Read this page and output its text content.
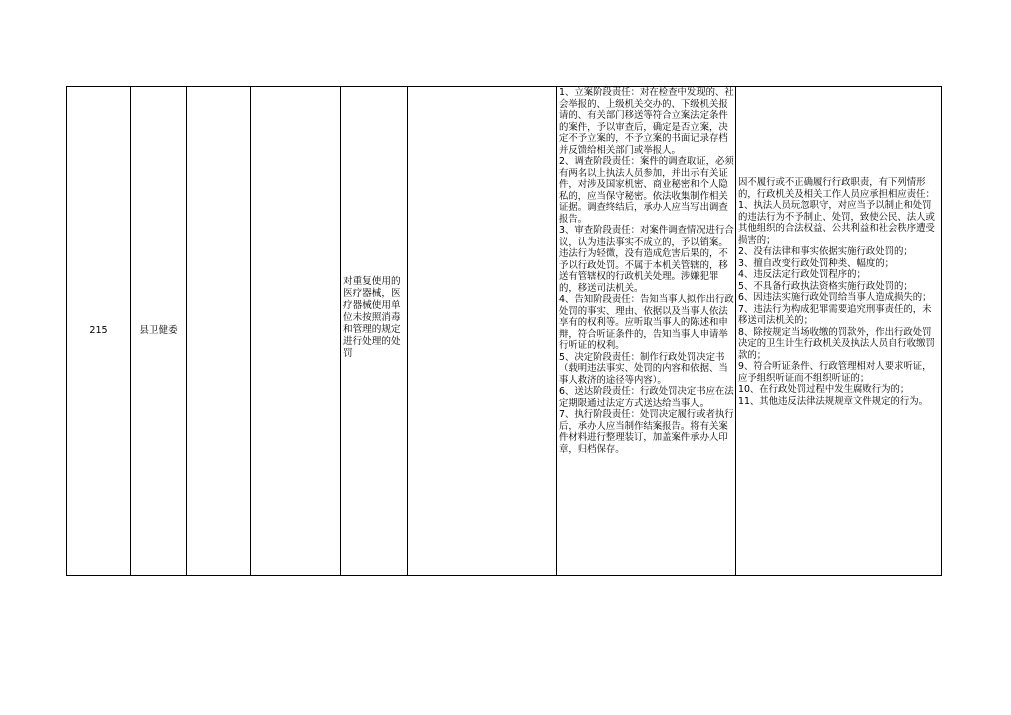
215	县卫健委

对重复使用的医疗器械，医疗器械使用单位未按照消毒和管理的规定进行处理的处罚

1、立案阶段责任：对在检查中发现的、社会举报的、上级机关交办的、下级机关报请的、有关部门移送等符合立案法定条件的案件，予以审查后，确定是否立案，决定不予立案的，不予立案的书面记录存档并反馈给相关部门或举报人。

2、调查阶段责任：案件的调查取证，必须有两名以上执法人员参加，并出示有关证件，对涉及国家机密、商业秘密和个人隐私的，应当保守秘密。依法收集制作相关证据。调查终结后，承办人应当写出调查报告。

3、审查阶段责任：对案件调查情况进行合议，认为违法事实不成立的，予以销案。违法行为轻微，没有造成危害后果的，不予以行政处罚。不属于本机关管辖的，移送有管辖权的行政机关处理。涉嫌犯罪的，移送司法机关。

4、告知阶段责任：告知当事人拟作出行政处罚的事实、理由、依据以及当事人依法享有的权利等。应听取当事人的陈述和申辩，符合听证条件的，告知当事人申请举行听证的权利。

5、决定阶段责任：制作行政处罚决定书（载明违法事实、处罚的内容和依据、当事人救济的途径等内容）。

6、送达阶段责任：行政处罚决定书应在法定期限通过法定方式送达给当事人。

7、执行阶段责任：处罚决定履行或者执行后，承办人应当制作结案报告。将有关案件材料进行整理装订，加盖案件承办人印章，归档保存。

因不履行或不正确履行行政职责，有下列情形的，行政机关及相关工作人员应承担相应责任：

1、执法人员玩忽职守，对应当予以制止和处罚的违法行为不予制止、处罚，致使公民、法人或其他组织的合法权益、公共利益和社会秩序遭受损害的；

2、没有法律和事实依据实施行政处罚的；

3、擅自改变行政处罚种类、幅度的；

4、违反法定行政处罚程序的；

5、不具备行政执法资格实施行政处罚的；

6、因违法实施行政处罚给当事人造成损失的；

7、违法行为构成犯罪需要追究刑事责任的，未移送司法机关的；

8、除按规定当场收缴的罚款外，作出行政处罚决定的卫生计生行政机关及执法人员自行收缴罚款的；

9、符合听证条件、行政管理相对人要求听证，应予组织听证而不组织听证的；

10、在行政处罚过程中发生腐败行为的；

11、其他违反法律法规规章文件规定的行为。
